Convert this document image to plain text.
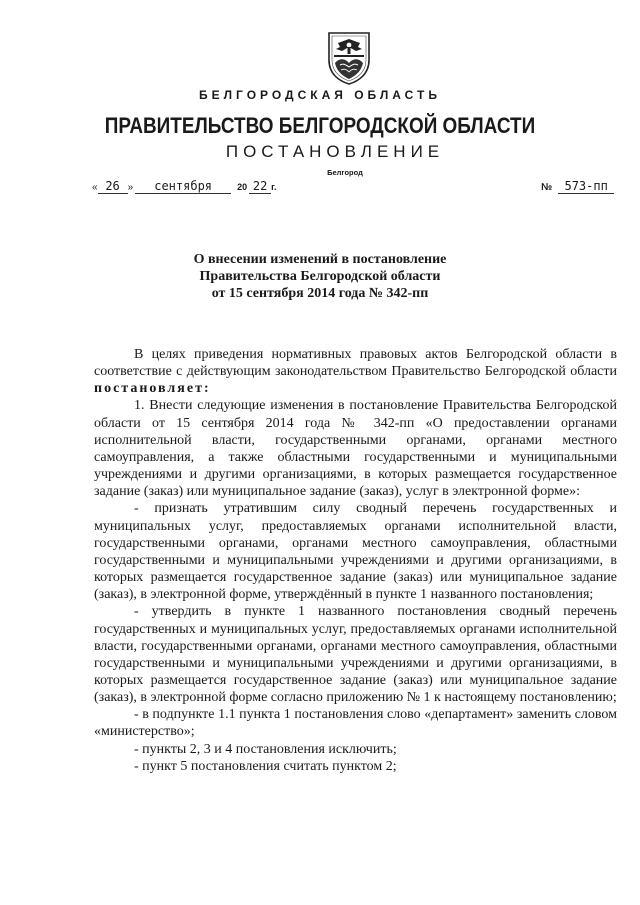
БЕЛГОРОДСКАЯ ОБЛАСТЬ
ПРАВИТЕЛЬСТВО БЕЛГОРОДСКОЙ ОБЛАСТИ
ПОСТАНОВЛЕНИЕ
Белгород
« 26 »	сентября	20 22 г.	№	573-пп
О внесении изменений в постановление
Правительства Белгородской области
от 15 сентября 2014 года № 342-пп

В целях приведения нормативных правовых актов Белгородской области в соответствие с действующим законодательством Правительство Белгородской области постановляет:

1. Внести следующие изменения в постановление Правительства Белгородской области от 15 сентября 2014 года № 342-пп «О предоставлении органами исполнительной власти, государственными органами, органами местного самоуправления, а также областными государственными и муниципальными учреждениями и другими организациями, в которых размещается государственное задание (заказ) или муниципальное задание (заказ), услуг в электронной форме»:

- признать утратившим силу сводный перечень государственных и муниципальных услуг, предоставляемых органами исполнительной власти, государственными органами, органами местного самоуправления, областными государственными и муниципальными учреждениями и другими организациями, в которых размещается государственное задание (заказ) или муниципальное задание (заказ), в электронной форме, утверждённый в пункте 1 названного постановления;

- утвердить в пункте 1 названного постановления сводный перечень государственных и муниципальных услуг, предоставляемых органами исполнительной власти, государственными органами, органами местного самоуправления, областными государственными и муниципальными учреждениями и другими организациями, в которых размещается государственное задание (заказ) или муниципальное задание (заказ), в электронной форме согласно приложению № 1 к настоящему постановлению;

- в подпункте 1.1 пункта 1 постановления слово «департамент» заменить словом «министерство»;

- пункты 2, 3 и 4 постановления исключить;

- пункт 5 постановления считать пунктом 2;
